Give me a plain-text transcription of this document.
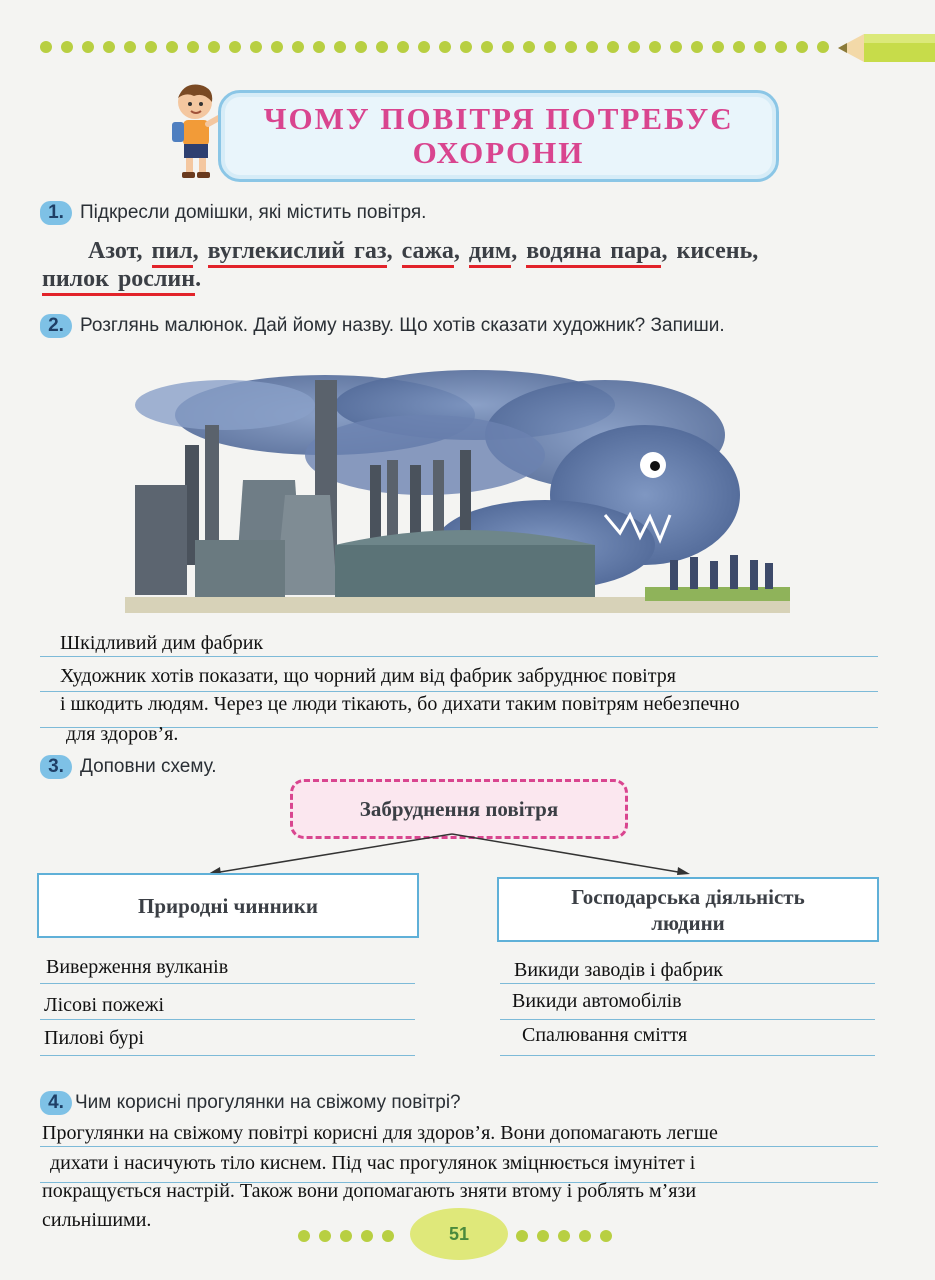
ЧОМУ ПОВІТРЯ ПОТРЕБУЄ
ОХОРОНИ
1. Підкресли домішки, які містить повітря.
Азот, пил, вуглекислий газ, сажа, дим, водяна пара, кисень,
пилок рослин.
2. Розглянь малюнок. Дай йому назву. Що хотів сказати художник? Запиши.
Шкідливий дим фабрик
Художник хотів показати, що чорний дим від фабрик забруднює повітря
і шкодить людям. Через це люди тікають, бо дихати таким повітрям небезпечно
для здоров’я.
3. Доповни схему.
Забруднення повітря
Природні чинники	Господарська діяльність
людини
Виверження вулканів
Лісові пожежі
Пилові бурі
Викиди заводів і фабрик
Викиди автомобілів
Спалювання сміття
4. Чим корисні прогулянки на свіжому повітрі?
Прогулянки на свіжому повітрі корисні для здоров’я. Вони допомагають легше
дихати і насичують тіло киснем. Під час прогулянок зміцнюється імунітет і
покращується настрій. Також вони допомагають зняти втому і роблять м’язи
сильнішими.
51
